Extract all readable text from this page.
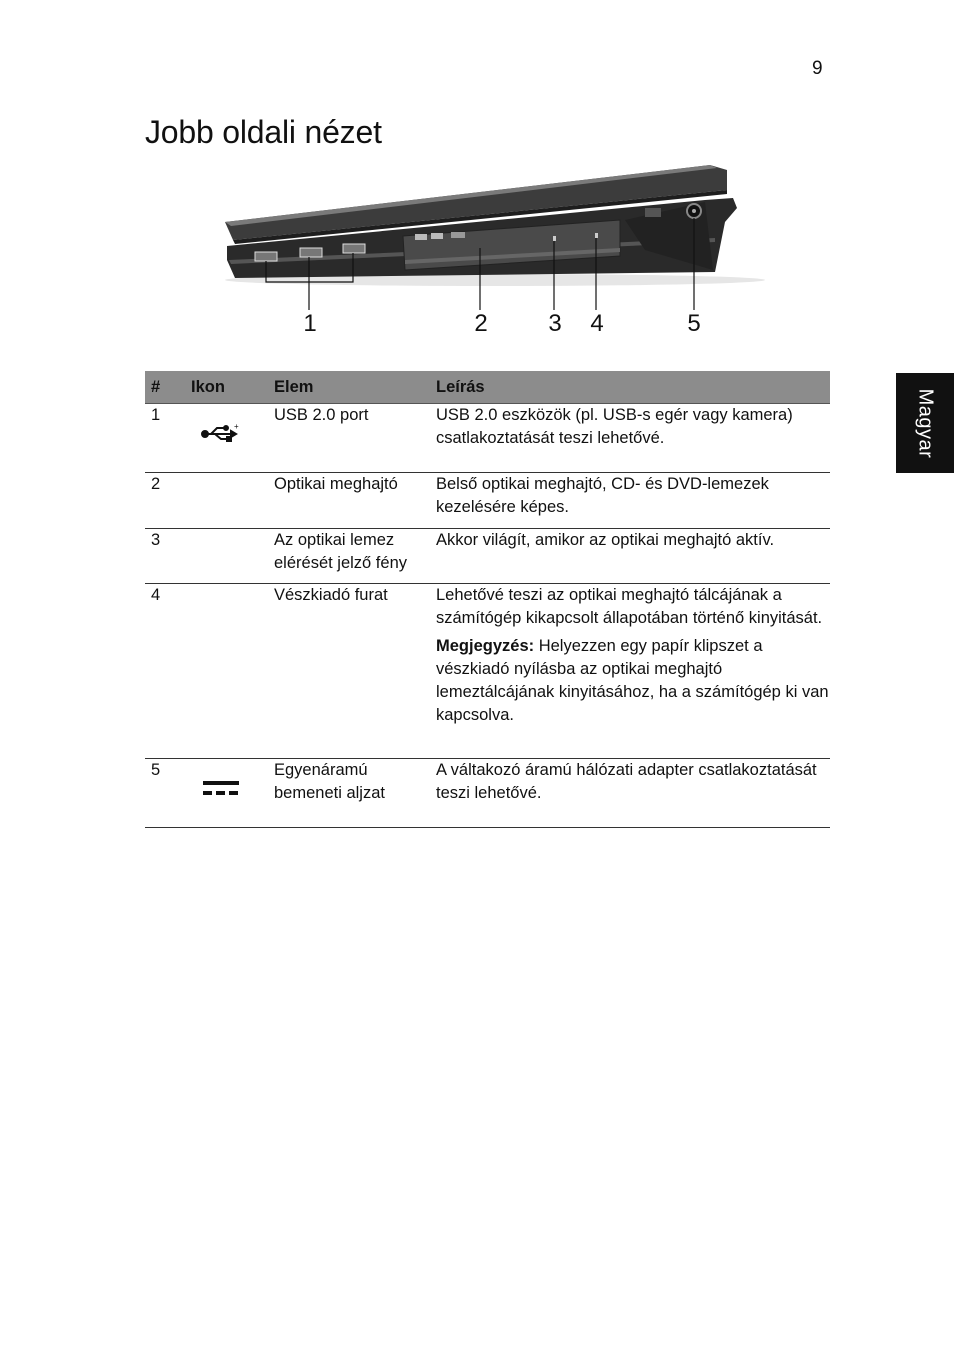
9
Jobb oldali nézet
Magyar
1	2	3	4	5
#	Ikon	Elem	Leírás
1	+	USB 2.0 port	USB 2.0 eszközök (pl. USB-s egér vagy kamera) csatlakoztatását teszi lehetővé.

2		Optikai meghajtó	Belső optikai meghajtó, CD- és DVD-lemezek kezelésére képes.

3		Az optikai lemez elérését jelző fény	Akkor világít, amikor az optikai meghajtó aktív.

4		Vészkiadó furat	Lehetővé teszi az optikai meghajtó tálcájának a számítógép kikapcsolt állapotában történő kinyitását.

Megjegyzés: Helyezzen egy papír klipszet a vészkiadó nyílásba az optikai meghajtó lemeztálcájának kinyitásához, ha a számítógép ki van kapcsolva.

5		Egyenáramú bemeneti aljzat	A váltakozó áramú hálózati adapter csatlakoztatását teszi lehetővé.
